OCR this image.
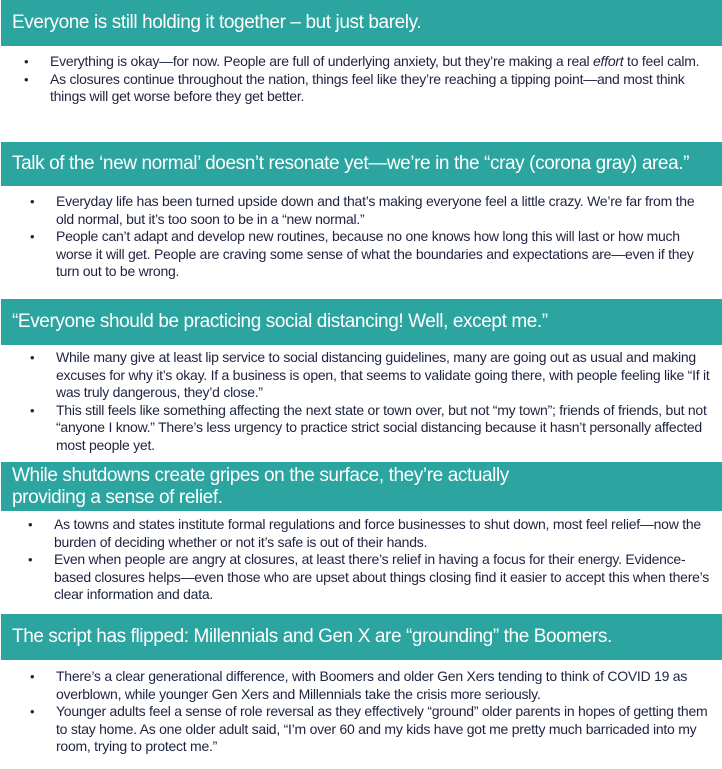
Everyone is still holding it together – but just barely.
• Everything is okay—for now. People are full of underlying anxiety, but they’re making a real effort to feel calm.
• As closures continue throughout the nation, things feel like they’re reaching a tipping point—and most think things will get worse before they get better.
Talk of the ‘new normal’ doesn’t resonate yet—we’re in the “cray (corona gray) area.”
• Everyday life has been turned upside down and that’s making everyone feel a little crazy. We’re far from the old normal, but it’s too soon to be in a “new normal.”
• People can’t adapt and develop new routines, because no one knows how long this will last or how much worse it will get. People are craving some sense of what the boundaries and expectations are—even if they turn out to be wrong.
“Everyone should be practicing social distancing! Well, except me.”
• While many give at least lip service to social distancing guidelines, many are going out as usual and making excuses for why it’s okay. If a business is open, that seems to validate going there, with people feeling like “If it was truly dangerous, they’d close.”
• This still feels like something affecting the next state or town over, but not “my town”; friends of friends, but not “anyone I know.” There’s less urgency to practice strict social distancing because it hasn’t personally affected most people yet.
While shutdowns create gripes on the surface, they’re actually
providing a sense of relief.
• As towns and states institute formal regulations and force businesses to shut down, most feel relief—now the burden of deciding whether or not it’s safe is out of their hands.
• Even when people are angry at closures, at least there’s relief in having a focus for their energy. Evidence-based closures helps—even those who are upset about things closing find it easier to accept this when there’s clear information and data.
The script has flipped: Millennials and Gen X are “grounding” the Boomers.
• There’s a clear generational difference, with Boomers and older Gen Xers tending to think of COVID 19 as overblown, while younger Gen Xers and Millennials take the crisis more seriously.
• Younger adults feel a sense of role reversal as they effectively “ground” older parents in hopes of getting them to stay home. As one older adult said, “I’m over 60 and my kids have got me pretty much barricaded into my room, trying to protect me.”
